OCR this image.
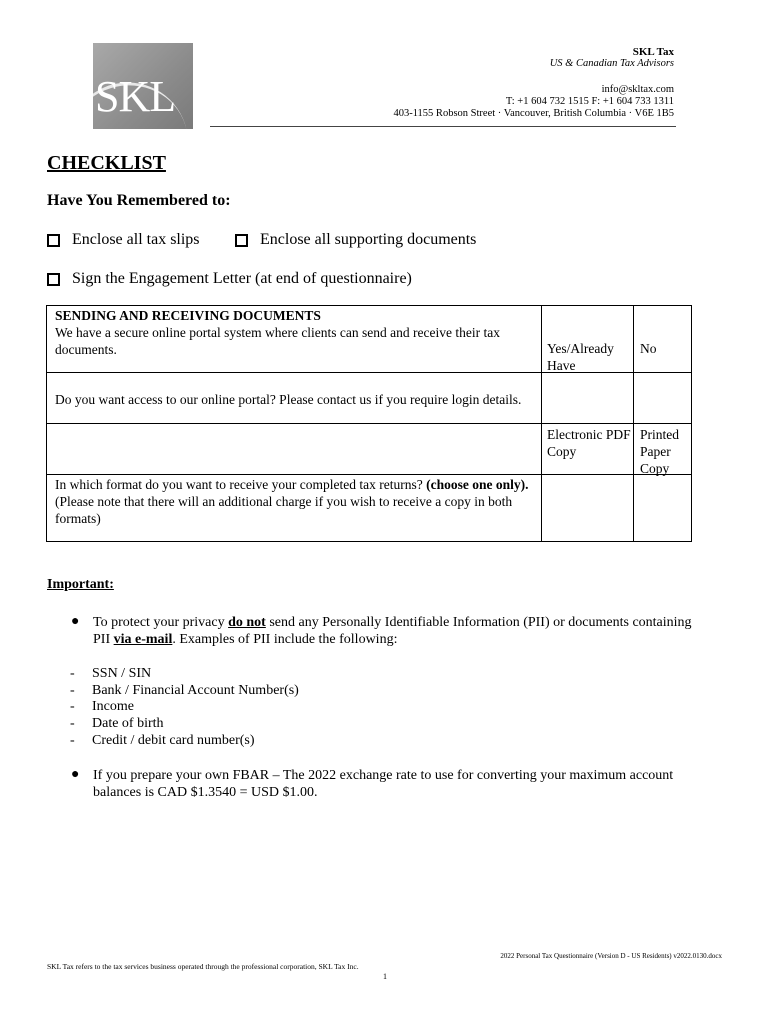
SKL
SKL Tax
US & Canadian Tax Advisors
info@skltax.com
T: +1 604 732 1515 F: +1 604 733 1311
403-1155 Robson Street · Vancouver, British Columbia · V6E 1B5
CHECKLIST
Have You Remembered to:
Enclose all tax slips	Enclose all supporting documents
Sign the Engagement Letter (at end of questionnaire)
SENDING AND RECEIVING DOCUMENTS
We have a secure online portal system where clients can send and receive their tax documents.	Yes/Already Have
No
Do you want access to our online portal? Please contact us if you require login details.
Electronic PDF Copy
Printed Paper Copy
In which format do you want to receive your completed tax returns? (choose one only).
(Please note that there will an additional charge if you wish to receive a copy in both formats)
Important:
● To protect your privacy do not send any Personally Identifiable Information (PII) or documents containing PII via e-mail. Examples of PII include the following:
- SSN / SIN
- Bank / Financial Account Number(s)
- Income
- Date of birth
- Credit / debit card number(s)
● If you prepare your own FBAR – The 2022 exchange rate to use for converting your maximum account balances is CAD $1.3540 = USD $1.00.
2022 Personal Tax Questionnaire (Version D - US Residents) v2022.0130.docx
SKL Tax refers to the tax services business operated through the professional corporation, SKL Tax Inc.
1
